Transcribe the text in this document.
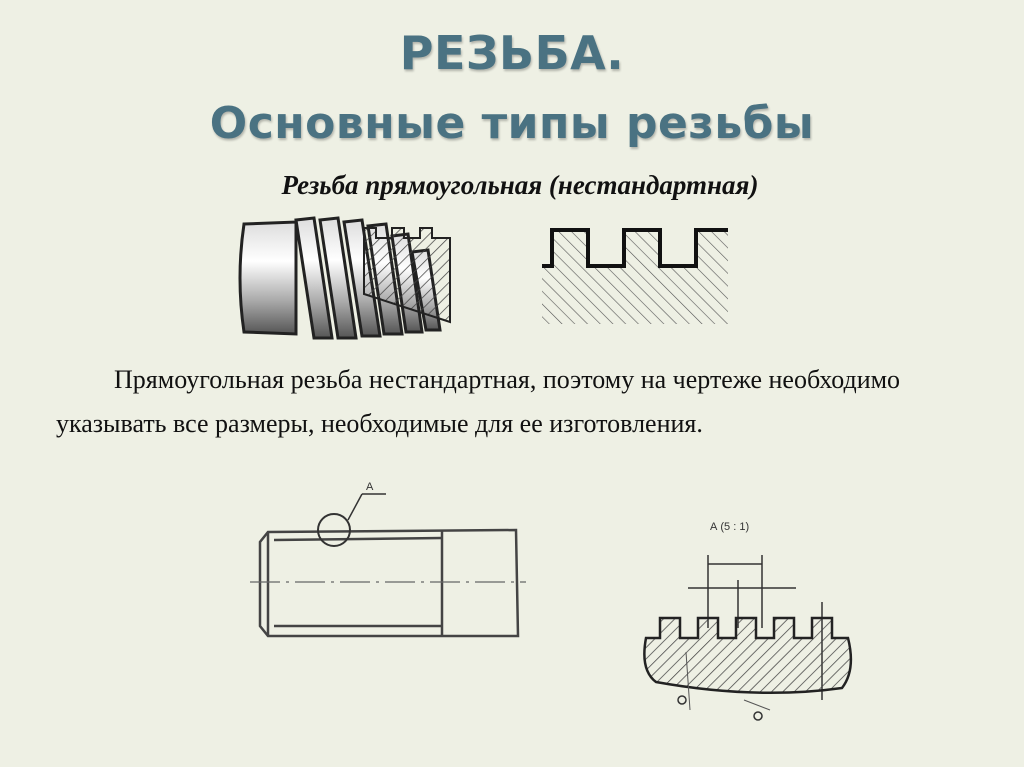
РЕЗЬБА.
Основные типы резьбы
Резьба прямоугольная (нестандартная)
Прямоугольная резьба нестандартная, поэтому на чертеже необходимо указывать все размеры, необходимые для ее изготовления.
A
А (5 : 1)
